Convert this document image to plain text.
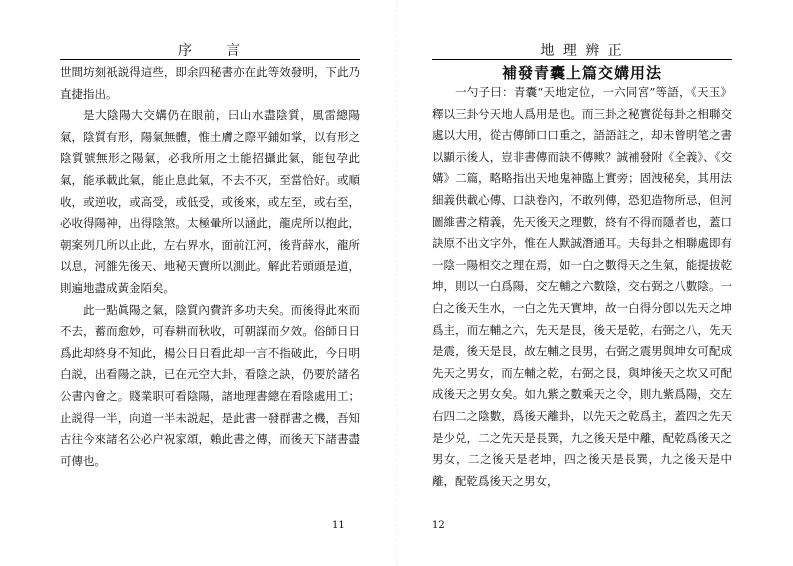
序 言

世間坊刻祇説得這些，即余四秘書亦在此等效發明，下此乃直捷指出。

是大陰陽大交媾仍在眼前，曰山水盡陰質，風雷總陽氣，陰質有形，陽氣無體，惟土膚之際平鋪如掌，以有形之陰質號無形之陽氣，必我所用之土能招攝此氣，能包孕此氣，能承載此氣，能止息此氣，不去不灭，至當恰好。或順收，或逆收，或高受，或低受，或後來，或左至，或右至，必收得陽神，出得陰煞。太極暈所以涵此，龍虎所以抱此，朝案列几所以止此，左右界水，面前江河，後背薛水，龍所以息，河雒先後天、地秘天賣所以測此。解此若頭頭是道，則遍地盡成黃金陌矣。

此一點眞陽之氣，陰質內費許多功夫矣。而後得此來而不去，蓄而愈妙，可春耕而秋收，可朝謀而夕效。俗師日日爲此却終身不知此，楊公日日看此却一言不指破此，今日明白説，出看陽之訣，已在元空大卦，看陰之訣，仍要於諸名公書內會之。賤業职可看陰陽，諸地理書總在看陰處用工；止説得一半，向道一半未説起，是此書一發群書之機，吾知古往今來諸名公必户祝家頌，賴此書之傳，而後天下諸書盡可傳也。

11
地 理 辨 正
補發青囊上篇交媾用法

一勺子曰：青囊“天地定位，一六同宮”等語，《天玉》釋以三卦兮天地人爲用是也。而三卦之秘實從每卦之相聯交處以大用，從古傳師口口重之，語語註之，却未曾明笔之書以顯示後人，豈非書傳而訣不傳歟？誠補發附《全義》、《交媾》二篇，略略指出天地鬼神臨上實旁；固洩秘矣，其用法細義供載心傳、口訣卷內，不敢列傳，恐犯造物所忌，但河圖維書之精義，先天後天之理數，終有不得而隱者也，蓋口訣原不出文字外，惟在人默誠潛通耳。夫每卦之相聯處即有一陰一陽相交之理在焉，如一白之數得天之生氣，能提拔乾坤，則以一白爲陽，交左輔之六數陰，交右弼之八數陰。一白之後天生水，一白之先天實坤，故一白得分卽以先天之坤爲主，而左輔之六，先天是艮，後天是乾，右弼之八，先天是震，後天是艮，故左輔之艮男，右弼之震男與坤女可配成先天之男女，而左輔之乾，右弼之艮，與坤後天之坎又可配成後天之男女矣。如九紫之數乘天之令，則九紫爲陽，交左右四二之陰數，爲後天離卦，以先天之乾爲主，蓋四之先天是少兑，二之先天是長巽，九之後天是中離，配乾爲後天之男女，二之後天是老坤，四之後天是長巽，九之後天是中離，配乾爲後天之男女，

12
